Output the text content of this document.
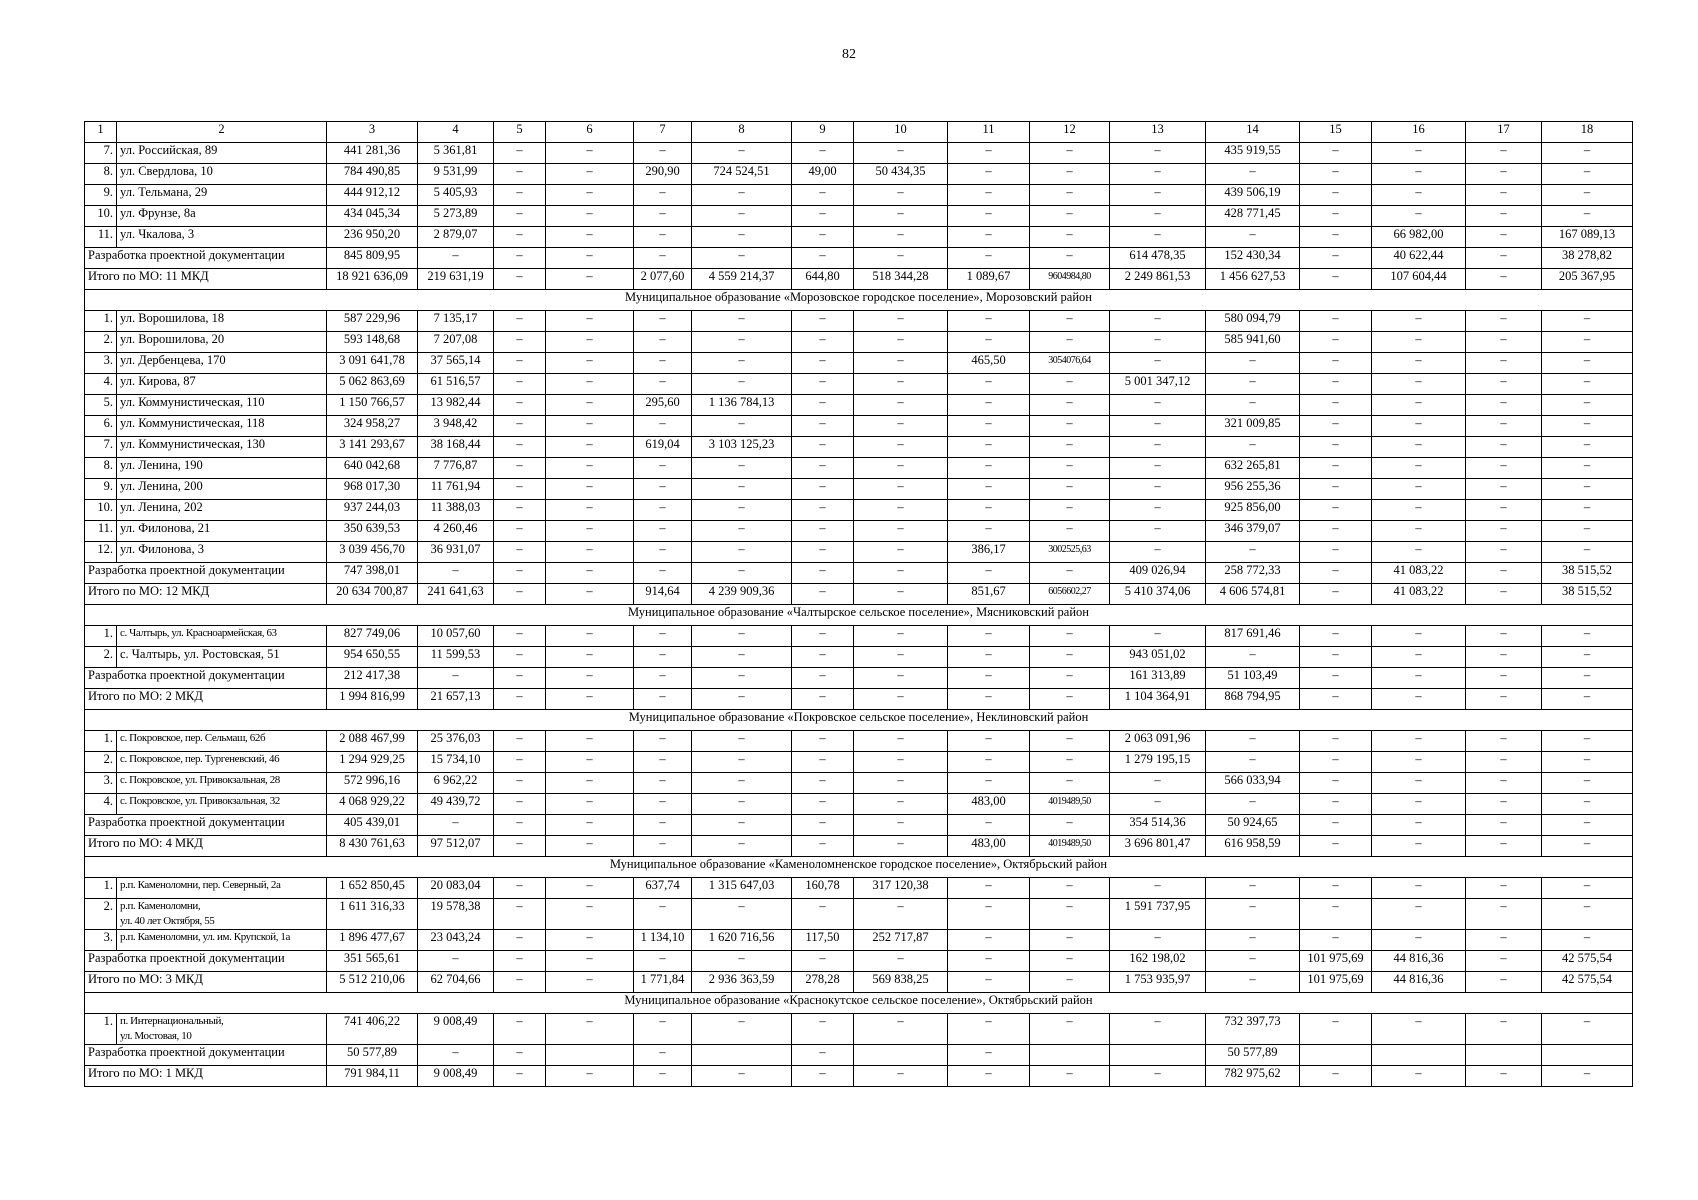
82
1	2	3	4	5	6	7	8	9	10	11	12	13	14	15	16	17	18
7.	ул. Российская, 89	441 281,36	5 361,81	–	–	–	–	–	–	–	–	–	435 919,55	–	–	–	–
8.	ул. Свердлова, 10	784 490,85	9 531,99	–	–	290,90	724 524,51	49,00	50 434,35	–	–	–	–	–	–	–	–
9.	ул. Тельмана, 29	444 912,12	5 405,93	–	–	–	–	–	–	–	–	–	439 506,19	–	–	–	–
10.	ул. Фрунзе, 8а	434 045,34	5 273,89	–	–	–	–	–	–	–	–	–	428 771,45	–	–	–	–
11.	ул. Чкалова, 3	236 950,20	2 879,07	–	–	–	–	–	–	–	–	–	–	–	66 982,00	–	167 089,13
Разработка проектной документации		845 809,95	–	–	–	–	–	–	–	–	–	614 478,35	152 430,34	–	40 622,44	–	38 278,82
Итого по МО: 11 МКД		18 921 636,09	219 631,19	–	–	2 077,60	4 559 214,37	644,80	518 344,28	1 089,67	9604984,80	2 249 861,53	1 456 627,53	–	107 604,44	–	205 367,95
Муниципальное образование «Морозовское городское поселение», Морозовский район																	
1.	ул. Ворошилова, 18	587 229,96	7 135,17	–	–	–	–	–	–	–	–	–	580 094,79	–	–	–	–
2.	ул. Ворошилова, 20	593 148,68	7 207,08	–	–	–	–	–	–	–	–	–	585 941,60	–	–	–	–
3.	ул. Дербенцева, 170	3 091 641,78	37 565,14	–	–	–	–	–	–	465,50	3054076,64	–	–	–	–	–	–
4.	ул. Кирова, 87	5 062 863,69	61 516,57	–	–	–	–	–	–	–	–	5 001 347,12	–	–	–	–	–
5.	ул. Коммунистическая, 110	1 150 766,57	13 982,44	–	–	295,60	1 136 784,13	–	–	–	–	–	–	–	–	–	–
6.	ул. Коммунистическая, 118	324 958,27	3 948,42	–	–	–	–	–	–	–	–	–	321 009,85	–	–	–	–
7.	ул. Коммунистическая, 130	3 141 293,67	38 168,44	–	–	619,04	3 103 125,23	–	–	–	–	–	–	–	–	–	–
8.	ул. Ленина, 190	640 042,68	7 776,87	–	–	–	–	–	–	–	–	–	632 265,81	–	–	–	–
9.	ул. Ленина, 200	968 017,30	11 761,94	–	–	–	–	–	–	–	–	–	956 255,36	–	–	–	–
10.	ул. Ленина, 202	937 244,03	11 388,03	–	–	–	–	–	–	–	–	–	925 856,00	–	–	–	–
11.	ул. Филонова, 21	350 639,53	4 260,46	–	–	–	–	–	–	–	–	–	346 379,07	–	–	–	–
12.	ул. Филонова, 3	3 039 456,70	36 931,07	–	–	–	–	–	–	386,17	3002525,63	–	–	–	–	–	–
Разработка проектной документации		747 398,01	–	–	–	–	–	–	–	–	–	409 026,94	258 772,33	–	41 083,22	–	38 515,52
Итого по МО: 12 МКД		20 634 700,87	241 641,63	–	–	914,64	4 239 909,36	–	–	851,67	6056602,27	5 410 374,06	4 606 574,81	–	41 083,22	–	38 515,52
Муниципальное образование «Чалтырское сельское поселение», Мясниковский район																	
1.	с. Чалтырь, ул. Красноармейская, 63	827 749,06	10 057,60	–	–	–	–	–	–	–	–	–	817 691,46	–	–	–	–
2.	с. Чалтырь, ул. Ростовская, 51	954 650,55	11 599,53	–	–	–	–	–	–	–	–	943 051,02	–	–	–	–	–
Разработка проектной документации		212 417,38	–	–	–	–	–	–	–	–	–	161 313,89	51 103,49	–	–	–	–
Итого по МО: 2 МКД		1 994 816,99	21 657,13	–	–	–	–	–	–	–	–	1 104 364,91	868 794,95	–	–	–	–
Муниципальное образование «Покровское сельское поселение», Неклиновский район																	
1.	с. Покровское, пер. Сельмаш, 62б	2 088 467,99	25 376,03	–	–	–	–	–	–	–	–	2 063 091,96	–	–	–	–	–
2.	с. Покровское, пер. Тургеневский, 46	1 294 929,25	15 734,10	–	–	–	–	–	–	–	–	1 279 195,15	–	–	–	–	–
3.	с. Покровское, ул. Привокзальная, 28	572 996,16	6 962,22	–	–	–	–	–	–	–	–	–	566 033,94	–	–	–	–
4.	с. Покровское, ул. Привокзальная, 32	4 068 929,22	49 439,72	–	–	–	–	–	–	483,00	4019489,50	–	–	–	–	–	–
Разработка проектной документации		405 439,01	–	–	–	–	–	–	–	–	–	354 514,36	50 924,65	–	–	–	–
Итого по МО: 4 МКД		8 430 761,63	97 512,07	–	–	–	–	–	–	483,00	4019489,50	3 696 801,47	616 958,59	–	–	–	–
Муниципальное образование «Каменоломненское городское поселение», Октябрьский район																	
1.	р.п. Каменоломни, пер. Северный, 2а	1 652 850,45	20 083,04	–	–	637,74	1 315 647,03	160,78	317 120,38	–	–	–	–	–	–	–	–
2.	р.п. Каменоломни,
ул. 40 лет Октября, 55	1 611 316,33	19 578,38	–	–	–	–	–	–	–	–	1 591 737,95	–	–	–	–	–
3.	р.п. Каменоломни, ул. им. Крупской, 1а	1 896 477,67	23 043,24	–	–	1 134,10	1 620 716,56	117,50	252 717,87	–	–	–	–	–	–	–	–
Разработка проектной документации		351 565,61	–	–	–	–	–	–	–	–	–	162 198,02	–	101 975,69	44 816,36	–	42 575,54
Итого по МО: 3 МКД		5 512 210,06	62 704,66	–	–	1 771,84	2 936 363,59	278,28	569 838,25	–	–	1 753 935,97	–	101 975,69	44 816,36	–	42 575,54
Муниципальное образование «Краснокутское сельское поселение», Октябрьский район																	
1.	п. Интернациональный,
ул. Мостовая, 10	741 406,22	9 008,49	–	–	–	–	–	–	–	–	–	732 397,73	–	–	–	–
Разработка проектной документации		50 577,89	–	–		–		–		–			50 577,89				
Итого по МО: 1 МКД		791 984,11	9 008,49	–	–	–	–	–	–	–	–	–	782 975,62	–	–	–	–
